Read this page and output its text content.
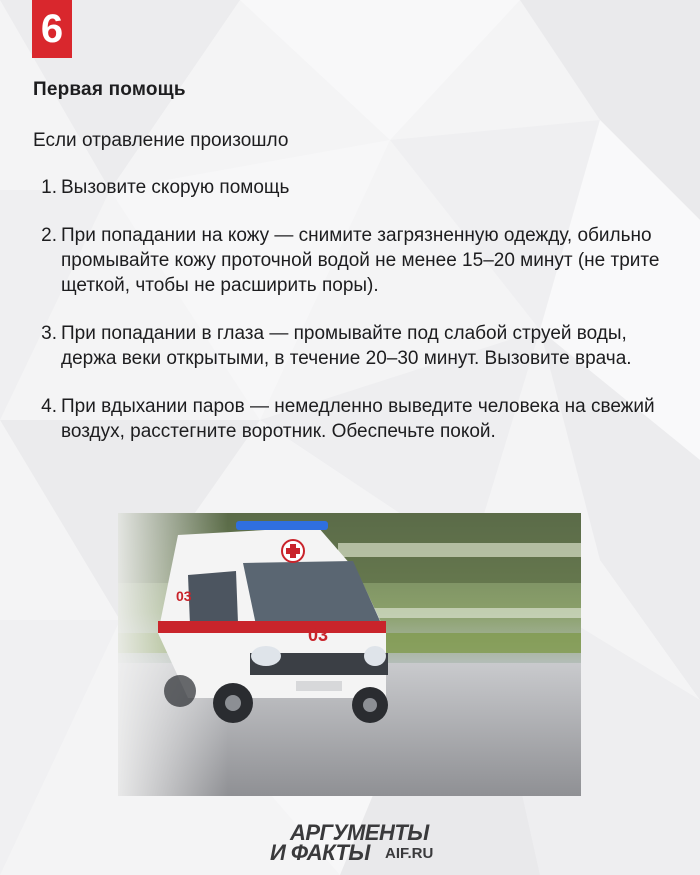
6
Первая помощь
Если отравление произошло
1. Вызовите скорую помощь
2. При попадании на кожу — снимите загрязненную одежду, обильно промывайте кожу проточной водой не менее 15–20 минут (не трите щеткой, чтобы не расширить поры).
3. При попадании в глаза — промывайте под слабой струей воды, держа веки открытыми, в течение 20–30 минут. Вызовите врача.
4. При вдыхании паров — немедленно выведите человека на свежий воздух, расстегните воротник. Обеспечьте покой.
03
03
АРГУМЕНТЫ
И ФАКТЫ AIF.RU
